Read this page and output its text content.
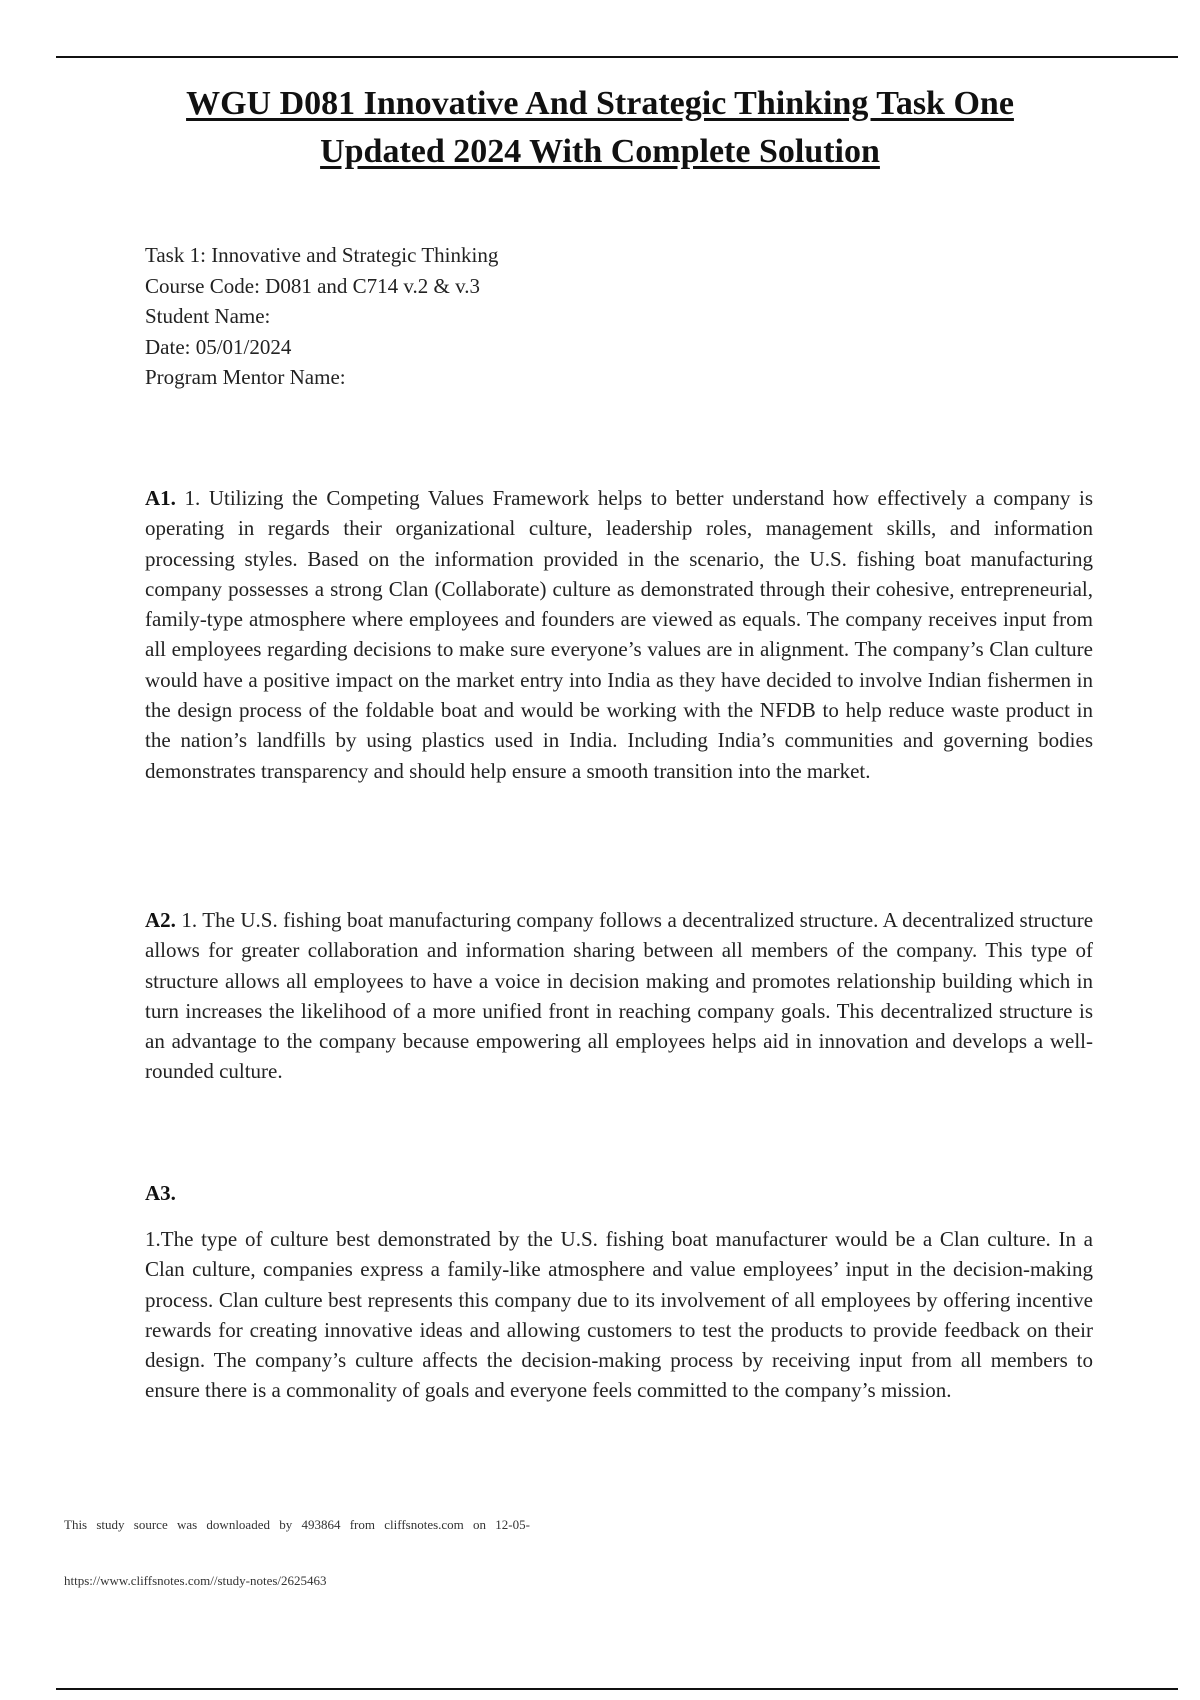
WGU D081 Innovative And Strategic Thinking Task One
Updated 2024 With Complete Solution
Task 1: Innovative and Strategic Thinking
Course Code: D081 and C714 v.2 & v.3
Student Name:
Date: 05/01/2024
Program Mentor Name:

A1. 1. Utilizing the Competing Values Framework helps to better understand how effectively a company is operating in regards their organizational culture, leadership roles, management skills, and information processing styles. Based on the information provided in the scenario, the U.S. fishing boat manufacturing company possesses a strong Clan (Collaborate) culture as demonstrated through their cohesive, entrepreneurial, family-type atmosphere where employees and founders are viewed as equals. The company receives input from all employees regarding decisions to make sure everyone’s values are in alignment. The company’s Clan culture would have a positive impact on the market entry into India as they have decided to involve Indian fishermen in the design process of the foldable boat and would be working with the NFDB to help reduce waste product in the nation’s landfills by using plastics used in India. Including India’s communities and governing bodies demonstrates transparency and should help ensure a smooth transition into the market.

A2. 1. The U.S. fishing boat manufacturing company follows a decentralized structure. A decentralized structure allows for greater collaboration and information sharing between all members of the company. This type of structure allows all employees to have a voice in decision making and promotes relationship building which in turn increases the likelihood of a more unified front in reaching company goals. This decentralized structure is an advantage to the company because empowering all employees helps aid in innovation and develops a well- rounded culture.

A3.

1.The type of culture best demonstrated by the U.S. fishing boat manufacturer would be a Clan culture. In a Clan culture, companies express a family-like atmosphere and value employees’ input in the decision-making process. Clan culture best represents this company due to its involvement of all employees by offering incentive rewards for creating innovative ideas and allowing customers to test the products to provide feedback on their design. The company’s culture affects the decision-making process by receiving input from all members to ensure there is a commonality of goals and everyone feels committed to the company’s mission.

This study source was downloaded by 493864 from cliffsnotes.com on 12-05-
https://www.cliffsnotes.com//study-notes/2625463
